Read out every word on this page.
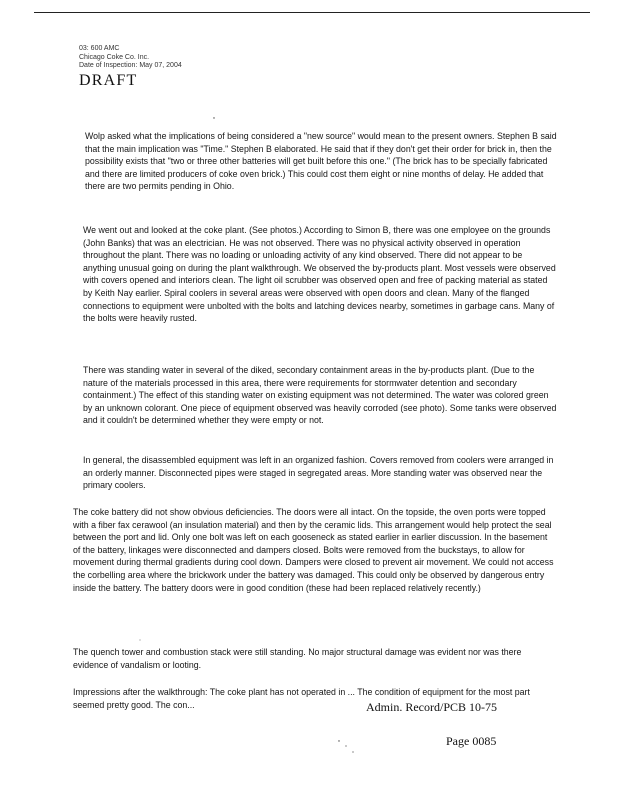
03: 600 AMC
Chicago Coke Co. Inc.
Date of Inspection: May 07, 2004
DRAFT

Wolp asked what the implications of being considered a "new source" would mean to the present owners. Stephen B said that the main implication was "Time." Stephen B elaborated. He said that if they don't get their order for brick in, then the possibility exists that "two or three other batteries will get built before this one." (The brick has to be specially fabricated and there are limited producers of coke oven brick.) This could cost them eight or nine months of delay. He added that there are two permits pending in Ohio.

We went out and looked at the coke plant. (See photos.) According to Simon B, there was one employee on the grounds (John Banks) that was an electrician. He was not observed. There was no physical activity observed in operation throughout the plant. There was no loading or unloading activity of any kind observed. There did not appear to be anything unusual going on during the plant walkthrough. We observed the by-products plant. Most vessels were observed with covers opened and interiors clean. The light oil scrubber was observed open and free of packing material as stated by Keith Nay earlier. Spiral coolers in several areas were observed with open doors and clean. Many of the flanged connections to equipment were unbolted with the bolts and latching devices nearby, sometimes in garbage cans. Many of the bolts were heavily rusted.

There was standing water in several of the diked, secondary containment areas in the by-products plant. (Due to the nature of the materials processed in this area, there were requirements for stormwater detention and secondary containment.) The effect of this standing water on existing equipment was not determined. The water was colored green by an unknown colorant. One piece of equipment observed was heavily corroded (see photo). Some tanks were observed and it couldn't be determined whether they were empty or not.

In general, the disassembled equipment was left in an organized fashion. Covers removed from coolers were arranged in an orderly manner. Disconnected pipes were staged in segregated areas. More standing water was observed near the primary coolers.

The coke battery did not show obvious deficiencies. The doors were all intact. On the topside, the oven ports were topped with a fiber fax cerawool (an insulation material) and then by the ceramic lids. This arrangement would help protect the seal between the port and lid. Only one bolt was left on each gooseneck as stated earlier in earlier discussion. In the basement of the battery, linkages were disconnected and dampers closed. Bolts were removed from the buckstays, to allow for movement during thermal gradients during cool down. Dampers were closed to prevent air movement. We could not access the corbelling area where the brickwork under the battery was damaged. This could only be observed by dangerous entry inside the battery. The battery doors were in good condition (these had been replaced relatively recently.)

The quench tower and combustion stack were still standing. No major structural damage was evident nor was there evidence of vandalism or looting.

Impressions after the walkthrough: The coke plant has not operated in ... The condition of equipment for the most part seemed pretty good. The con...	Admin. Record/PCB 10-75
Page 0085
